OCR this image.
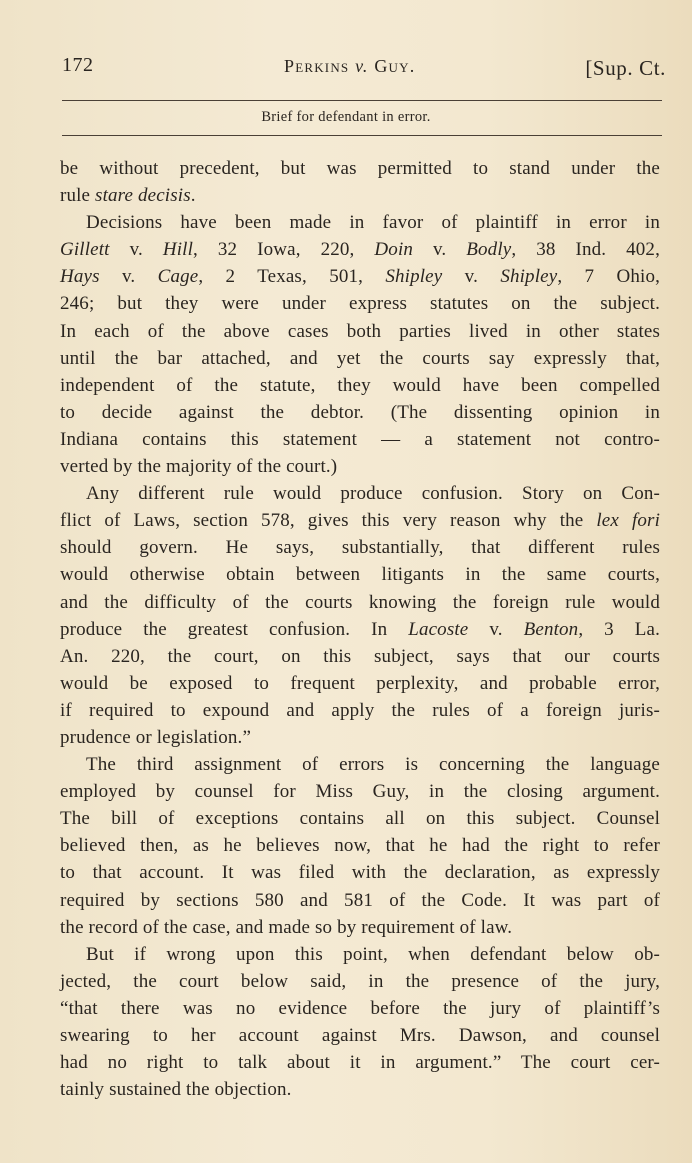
172	Perkins v. Guy.	[Sup. Ct.
Brief for defendant in error.
be without precedent, but was permitted to stand under the
rule stare decisis.
Decisions have been made in favor of plaintiff in error in
Gillett v. Hill, 32 Iowa, 220, Doin v. Bodly, 38 Ind. 402,
Hays v. Cage, 2 Texas, 501, Shipley v. Shipley, 7 Ohio,
246; but they were under express statutes on the subject.
In each of the above cases both parties lived in other states
until the bar attached, and yet the courts say expressly that,
independent of the statute, they would have been compelled
to decide against the debtor. (The dissenting opinion in
Indiana contains this statement — a statement not contro-
verted by the majority of the court.)
Any different rule would produce confusion. Story on Con-
flict of Laws, section 578, gives this very reason why the lex fori
should govern. He says, substantially, that different rules
would otherwise obtain between litigants in the same courts,
and the difficulty of the courts knowing the foreign rule would
produce the greatest confusion. In Lacoste v. Benton, 3 La.
An. 220, the court, on this subject, says that our courts
would be exposed to frequent perplexity, and probable error,
if required to expound and apply the rules of a foreign juris-
prudence or legislation.”
The third assignment of errors is concerning the language
employed by counsel for Miss Guy, in the closing argument.
The bill of exceptions contains all on this subject. Counsel
believed then, as he believes now, that he had the right to refer
to that account. It was filed with the declaration, as expressly
required by sections 580 and 581 of the Code. It was part of
the record of the case, and made so by requirement of law.
But if wrong upon this point, when defendant below ob-
jected, the court below said, in the presence of the jury,
“that there was no evidence before the jury of plaintiff’s
swearing to her account against Mrs. Dawson, and counsel
had no right to talk about it in argument.” The court cer-
tainly sustained the objection.
